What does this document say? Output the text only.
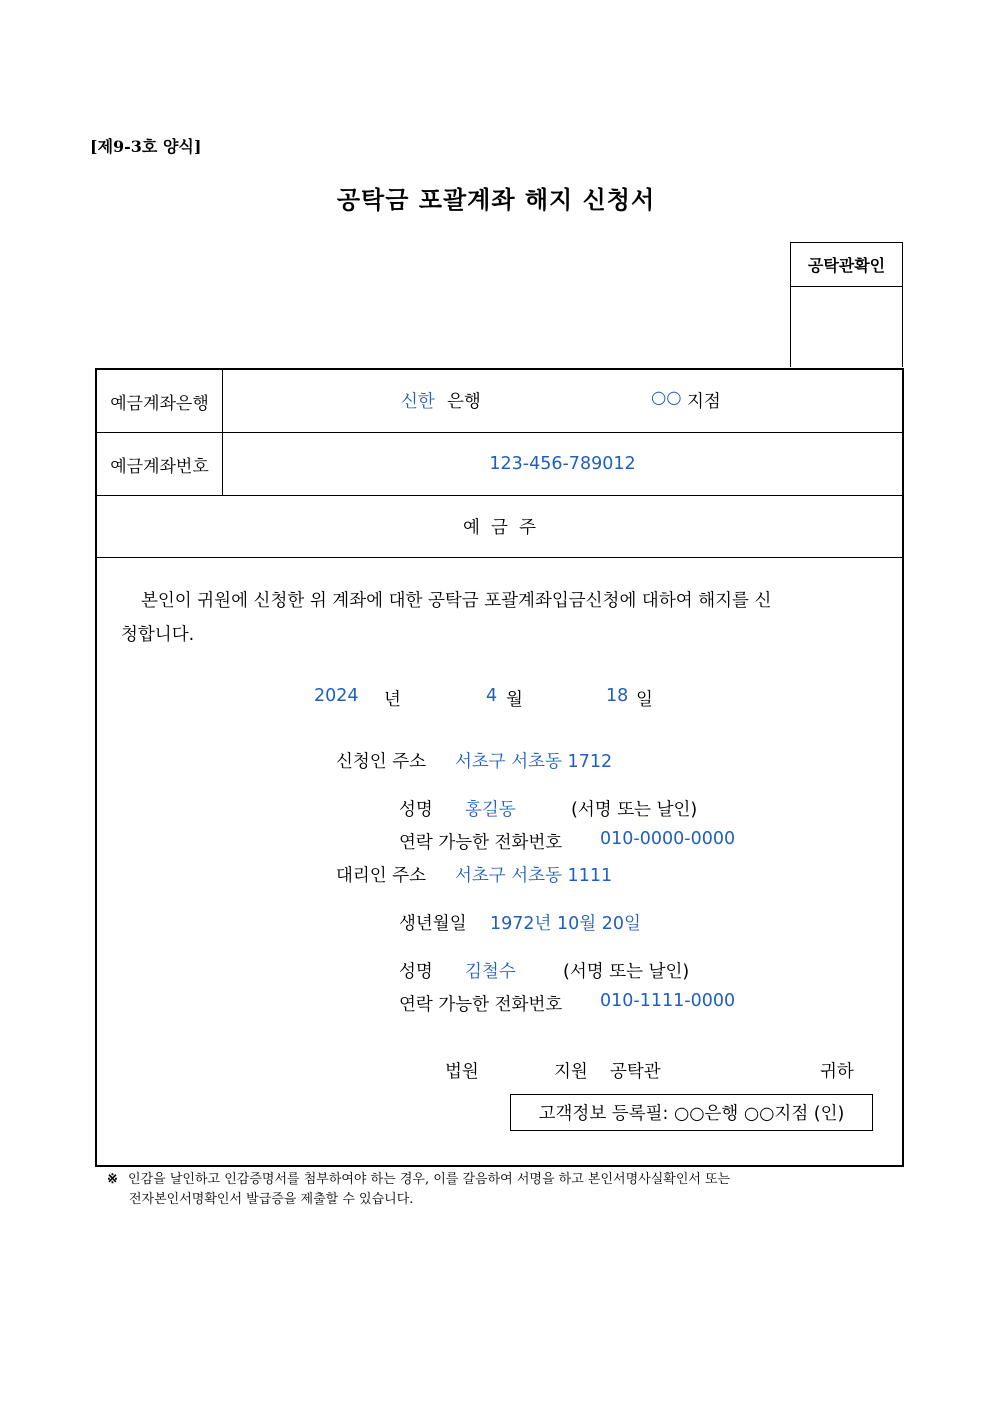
[제9-3호 양식]
공탁금 포괄계좌 해지 신청서
공탁관확인
예금계좌은행	신한 은행	○○ 지점
예금계좌번호	123-456-789012
예  금  주
본인이 귀원에 신청한 위 계좌에 대한 공탁금 포괄계좌입금신청에 대하여 해지를 신
청합니다.
2024 년	4 월	18 일
신청인 주소 서초구 서초동 1712
성명 홍길동	(서명 또는 날인)
연락 가능한 전화번호 010-0000-0000
대리인 주소 서초구 서초동 1111
생년월일 1972년 10월 20일
성명 김철수	(서명 또는 날인)
연락 가능한 전화번호 010-1111-0000
법원	지원 공탁관	귀하
고객정보 등록필: ○○은행 ○○지점 (인)
※ 인감을 날인하고 인감증명서를 첨부하여야 하는 경우, 이를 갈음하여 서명을 하고 본인서명사실확인서 또는
전자본인서명확인서 발급증을 제출할 수 있습니다.
